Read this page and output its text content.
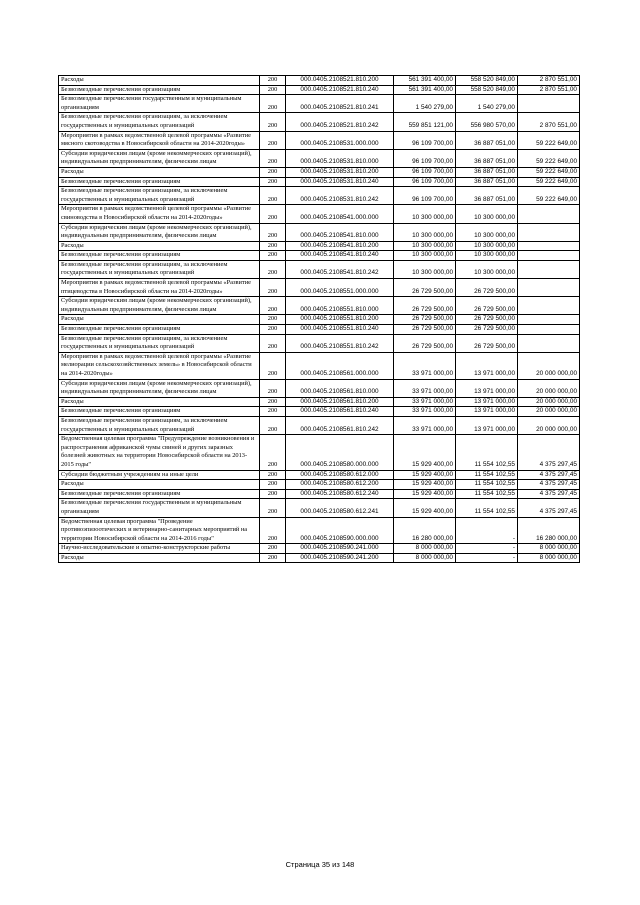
Расходы	200	000.0405.2108521.810.200	561 391 400,00	558 520 849,00	2 870 551,00
Безвозмездные перечисления организациям	200	000.0405.2108521.810.240	561 391 400,00	558 520 849,00	2 870 551,00
Безвозмездные перечисления государственным и муниципальным организациям	200	000.0405.2108521.810.241	1 540 279,00	1 540 279,00	
Безвозмездные перечисления организациям, за исключением государственных и муниципальных организаций	200	000.0405.2108521.810.242	559 851 121,00	556 980 570,00	2 870 551,00
Мероприятия в рамках ведомственной целевой программы «Развитие мясного скотоводства в Новосибирской области на 2014-2020годы»	200	000.0405.2108531.000.000	96 109 700,00	36 887 051,00	59 222 649,00
Субсидии юридическим лицам (кроме некоммерческих организаций), индивидуальным предпринимателям, физическим лицам	200	000.0405.2108531.810.000	96 109 700,00	36 887 051,00	59 222 649,00
Расходы	200	000.0405.2108531.810.200	96 109 700,00	36 887 051,00	59 222 649,00
Безвозмездные перечисления организациям	200	000.0405.2108531.810.240	96 109 700,00	36 887 051,00	59 222 649,00
Безвозмездные перечисления организациям, за исключением государственных и муниципальных организаций	200	000.0405.2108531.810.242	96 109 700,00	36 887 051,00	59 222 649,00
Мероприятия в рамках ведомственной целевой программы «Развитие свиноводства в Новосибирской области на 2014-2020годы»	200	000.0405.2108541.000.000	10 300 000,00	10 300 000,00	
Субсидии юридическим лицам (кроме некоммерческих организаций), индивидуальным предпринимателям, физическим лицам	200	000.0405.2108541.810.000	10 300 000,00	10 300 000,00	
Расходы	200	000.0405.2108541.810.200	10 300 000,00	10 300 000,00	
Безвозмездные перечисления организациям	200	000.0405.2108541.810.240	10 300 000,00	10 300 000,00	
Безвозмездные перечисления организациям, за исключением государственных и муниципальных организаций	200	000.0405.2108541.810.242	10 300 000,00	10 300 000,00	
Мероприятия в рамках ведомственной целевой программы «Развитие птицеводства в Новосибирской области на 2014-2020годы»	200	000.0405.2108551.000.000	26 729 500,00	26 729 500,00	
Субсидии юридическим лицам (кроме некоммерческих организаций), индивидуальным предпринимателям, физическим лицам	200	000.0405.2108551.810.000	26 729 500,00	26 729 500,00	
Расходы	200	000.0405.2108551.810.200	26 729 500,00	26 729 500,00	
Безвозмездные перечисления организациям	200	000.0405.2108551.810.240	26 729 500,00	26 729 500,00	
Безвозмездные перечисления организациям, за исключением государственных и муниципальных организаций	200	000.0405.2108551.810.242	26 729 500,00	26 729 500,00	
Мероприятия в рамках ведомственной целевой программы «Развитие мелиорации сельскохозяйственных земель» в Новосибирской области на 2014-2020годы»	200	000.0405.2108561.000.000	33 971 000,00	13 971 000,00	20 000 000,00
Субсидии юридическим лицам (кроме некоммерческих организаций), индивидуальным предпринимателям, физическим лицам	200	000.0405.2108561.810.000	33 971 000,00	13 971 000,00	20 000 000,00
Расходы	200	000.0405.2108561.810.200	33 971 000,00	13 971 000,00	20 000 000,00
Безвозмездные перечисления организациям	200	000.0405.2108561.810.240	33 971 000,00	13 971 000,00	20 000 000,00
Безвозмездные перечисления организациям, за исключением государственных и муниципальных организаций	200	000.0405.2108561.810.242	33 971 000,00	13 971 000,00	20 000 000,00
Ведомственная целевая программа "Предупреждение возникновения и распространения африканской чумы свиней и других заразных болезней животных на территории Новосибирской области на 2013-2015 годы"	200	000.0405.2108580.000.000	15 929 400,00	11 554 102,55	4 375 297,45
Субсидии бюджетным учреждениям на иные цели	200	000.0405.2108580.612.000	15 929 400,00	11 554 102,55	4 375 297,45
Расходы	200	000.0405.2108580.612.200	15 929 400,00	11 554 102,55	4 375 297,45
Безвозмездные перечисления организациям	200	000.0405.2108580.612.240	15 929 400,00	11 554 102,55	4 375 297,45
Безвозмездные перечисления государственным и муниципальным организациям	200	000.0405.2108580.612.241	15 929 400,00	11 554 102,55	4 375 297,45
Ведомственная целевая программа "Проведение противоэпизоотических и ветеринарно-санитарных мероприятий на территории Новосибирской области на 2014-2016 годы"	200	000.0405.2108590.000.000	16 280 000,00	-	16 280 000,00
Научно-исследовательские и опытно-конструкторские работы	200	000.0405.2108590.241.000	8 000 000,00	-	8 000 000,00
Расходы	200	000.0405.2108590.241.200	8 000 000,00	-	8 000 000,00
Страница 35 из 148
